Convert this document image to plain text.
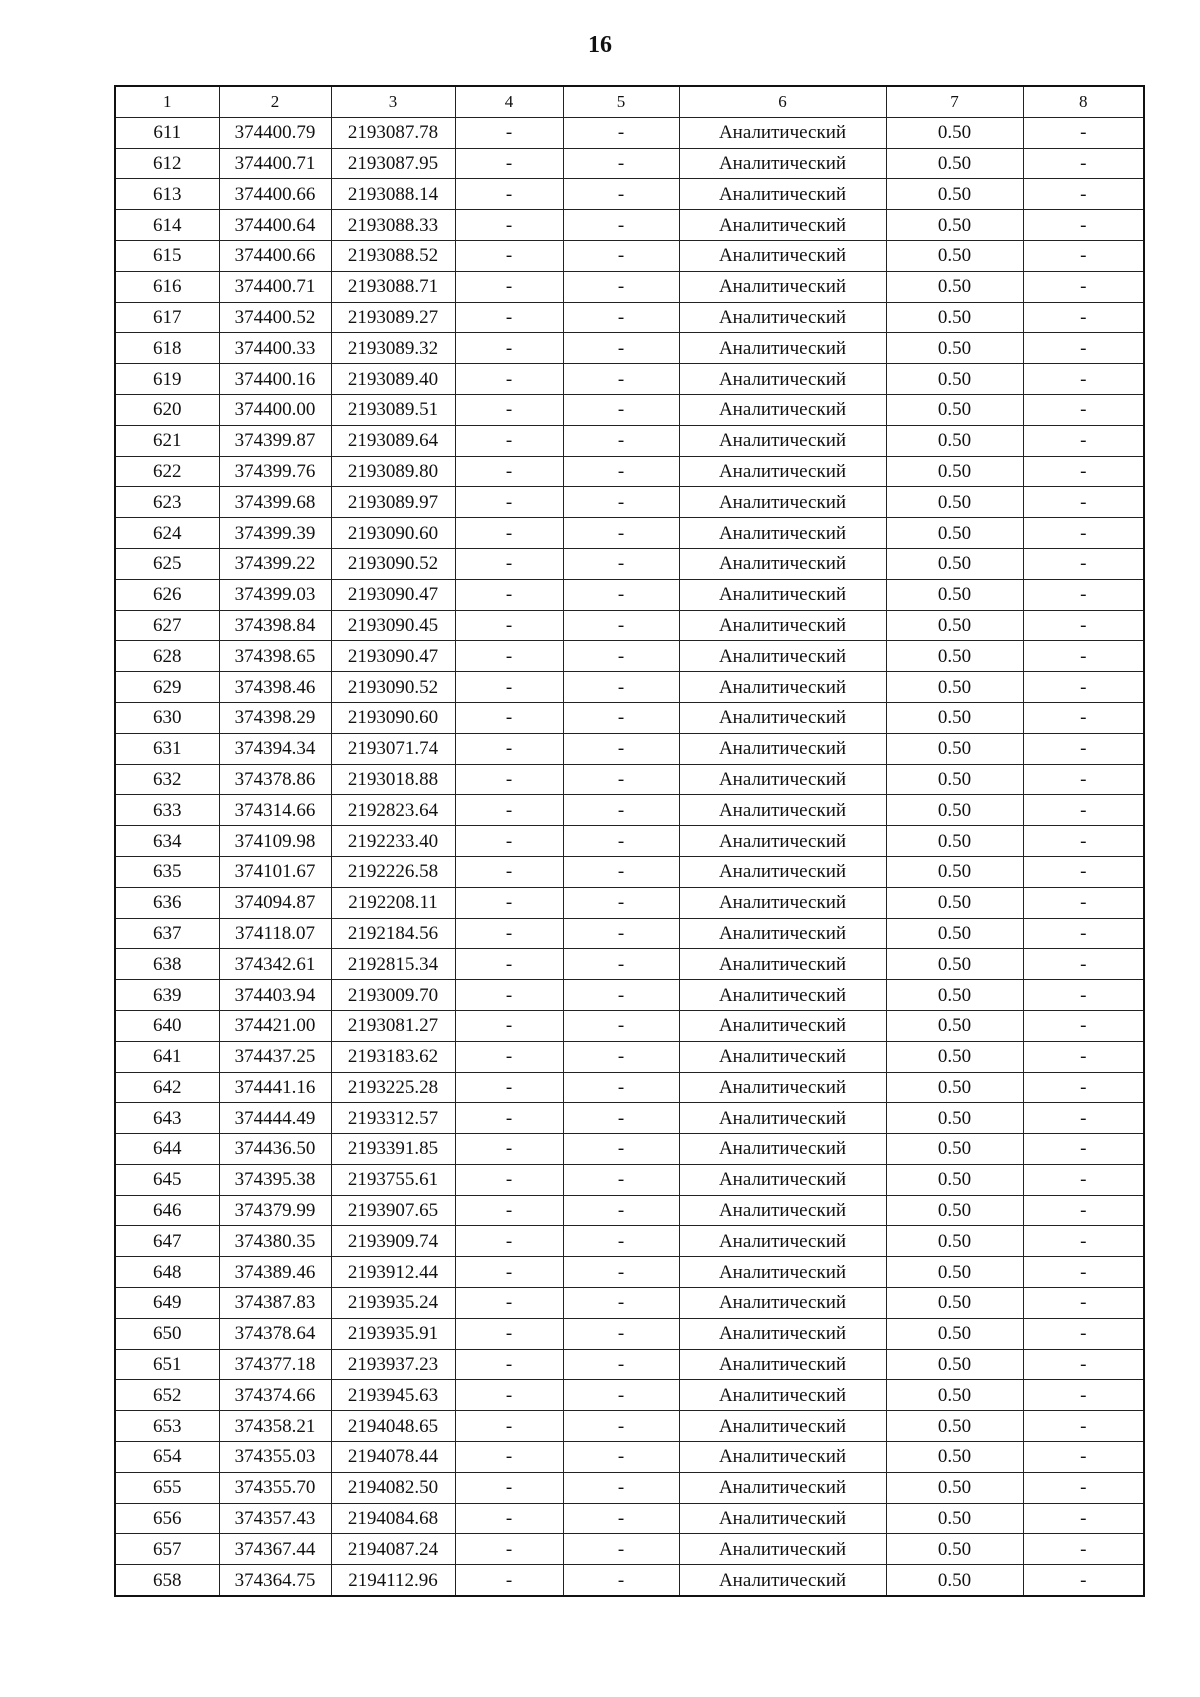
16
1	2	3	4	5	6	7	8
611	374400.79	2193087.78	-	-	Аналитический	0.50	-
612	374400.71	2193087.95	-	-	Аналитический	0.50	-
613	374400.66	2193088.14	-	-	Аналитический	0.50	-
614	374400.64	2193088.33	-	-	Аналитический	0.50	-
615	374400.66	2193088.52	-	-	Аналитический	0.50	-
616	374400.71	2193088.71	-	-	Аналитический	0.50	-
617	374400.52	2193089.27	-	-	Аналитический	0.50	-
618	374400.33	2193089.32	-	-	Аналитический	0.50	-
619	374400.16	2193089.40	-	-	Аналитический	0.50	-
620	374400.00	2193089.51	-	-	Аналитический	0.50	-
621	374399.87	2193089.64	-	-	Аналитический	0.50	-
622	374399.76	2193089.80	-	-	Аналитический	0.50	-
623	374399.68	2193089.97	-	-	Аналитический	0.50	-
624	374399.39	2193090.60	-	-	Аналитический	0.50	-
625	374399.22	2193090.52	-	-	Аналитический	0.50	-
626	374399.03	2193090.47	-	-	Аналитический	0.50	-
627	374398.84	2193090.45	-	-	Аналитический	0.50	-
628	374398.65	2193090.47	-	-	Аналитический	0.50	-
629	374398.46	2193090.52	-	-	Аналитический	0.50	-
630	374398.29	2193090.60	-	-	Аналитический	0.50	-
631	374394.34	2193071.74	-	-	Аналитический	0.50	-
632	374378.86	2193018.88	-	-	Аналитический	0.50	-
633	374314.66	2192823.64	-	-	Аналитический	0.50	-
634	374109.98	2192233.40	-	-	Аналитический	0.50	-
635	374101.67	2192226.58	-	-	Аналитический	0.50	-
636	374094.87	2192208.11	-	-	Аналитический	0.50	-
637	374118.07	2192184.56	-	-	Аналитический	0.50	-
638	374342.61	2192815.34	-	-	Аналитический	0.50	-
639	374403.94	2193009.70	-	-	Аналитический	0.50	-
640	374421.00	2193081.27	-	-	Аналитический	0.50	-
641	374437.25	2193183.62	-	-	Аналитический	0.50	-
642	374441.16	2193225.28	-	-	Аналитический	0.50	-
643	374444.49	2193312.57	-	-	Аналитический	0.50	-
644	374436.50	2193391.85	-	-	Аналитический	0.50	-
645	374395.38	2193755.61	-	-	Аналитический	0.50	-
646	374379.99	2193907.65	-	-	Аналитический	0.50	-
647	374380.35	2193909.74	-	-	Аналитический	0.50	-
648	374389.46	2193912.44	-	-	Аналитический	0.50	-
649	374387.83	2193935.24	-	-	Аналитический	0.50	-
650	374378.64	2193935.91	-	-	Аналитический	0.50	-
651	374377.18	2193937.23	-	-	Аналитический	0.50	-
652	374374.66	2193945.63	-	-	Аналитический	0.50	-
653	374358.21	2194048.65	-	-	Аналитический	0.50	-
654	374355.03	2194078.44	-	-	Аналитический	0.50	-
655	374355.70	2194082.50	-	-	Аналитический	0.50	-
656	374357.43	2194084.68	-	-	Аналитический	0.50	-
657	374367.44	2194087.24	-	-	Аналитический	0.50	-
658	374364.75	2194112.96	-	-	Аналитический	0.50	-
